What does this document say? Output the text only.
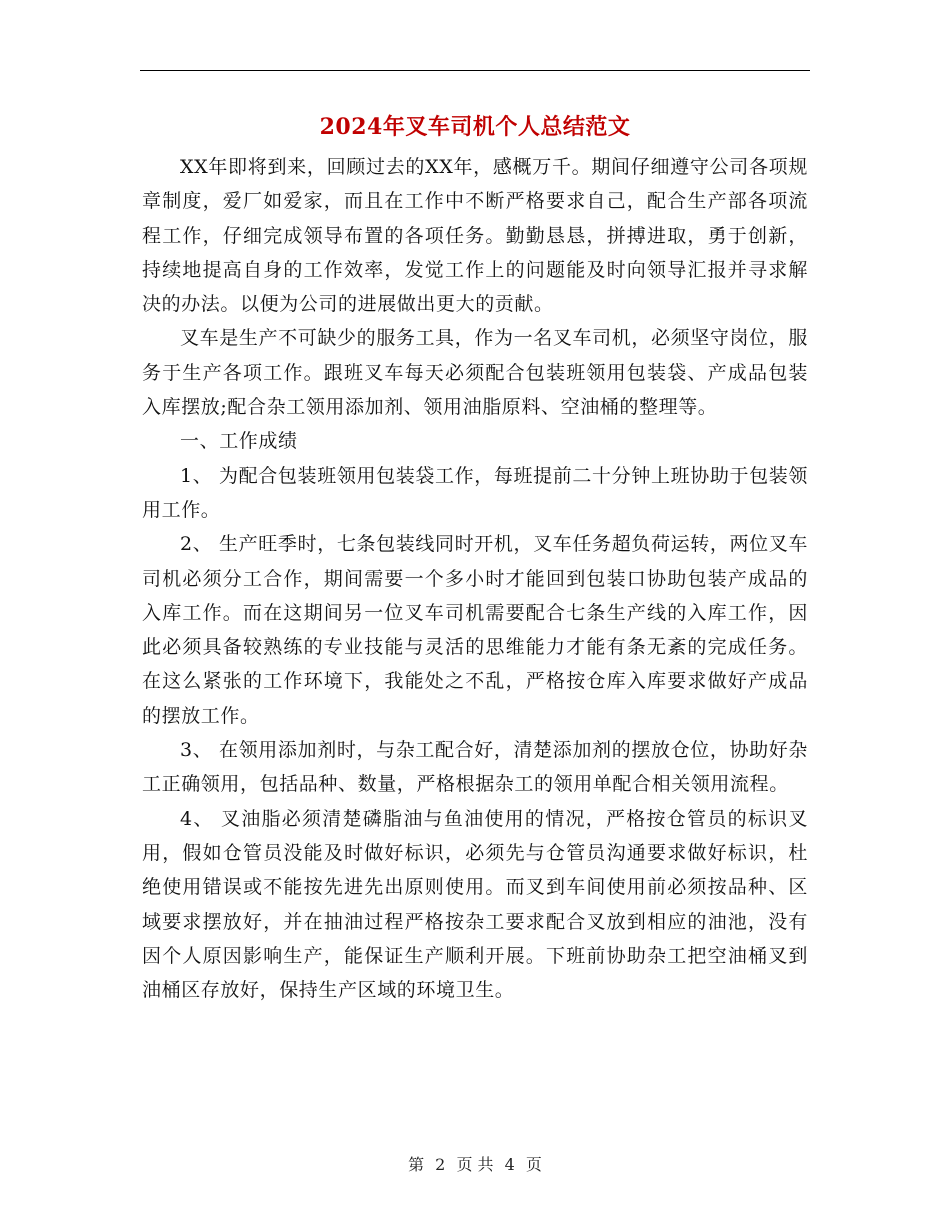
2024年叉车司机个人总结范文

XX年即将到来，回顾过去的XX年，感概万千。期间仔细遵守公司各项规章制度，爱厂如爱家，而且在工作中不断严格要求自己，配合生产部各项流程工作，仔细完成领导布置的各项任务。勤勤恳恳，拼搏进取，勇于创新，持续地提高自身的工作效率，发觉工作上的问题能及时向领导汇报并寻求解决的办法。以便为公司的进展做出更大的贡献。

叉车是生产不可缺少的服务工具，作为一名叉车司机，必须坚守岗位，服务于生产各项工作。跟班叉车每天必须配合包装班领用包装袋、产成品包装入库摆放;配合杂工领用添加剂、领用油脂原料、空油桶的整理等。

一、工作成绩

1、 为配合包装班领用包装袋工作，每班提前二十分钟上班协助于包装领用工作。

2、 生产旺季时，七条包装线同时开机，叉车任务超负荷运转，两位叉车司机必须分工合作，期间需要一个多小时才能回到包装口协助包装产成品的入库工作。而在这期间另一位叉车司机需要配合七条生产线的入库工作，因此必须具备较熟练的专业技能与灵活的思维能力才能有条无紊的完成任务。在这么紧张的工作环境下，我能处之不乱，严格按仓库入库要求做好产成品的摆放工作。

3、 在领用添加剂时，与杂工配合好，清楚添加剂的摆放仓位，协助好杂工正确领用，包括品种、数量，严格根据杂工的领用单配合相关领用流程。

4、 叉油脂必须清楚磷脂油与鱼油使用的情况，严格按仓管员的标识叉用，假如仓管员没能及时做好标识，必须先与仓管员沟通要求做好标识，杜绝使用错误或不能按先进先出原则使用。而叉到车间使用前必须按品种、区域要求摆放好，并在抽油过程严格按杂工要求配合叉放到相应的油池，没有因个人原因影响生产，能保证生产顺利开展。下班前协助杂工把空油桶叉到油桶区存放好，保持生产区域的环境卫生。

第 2 页 共 4 页
